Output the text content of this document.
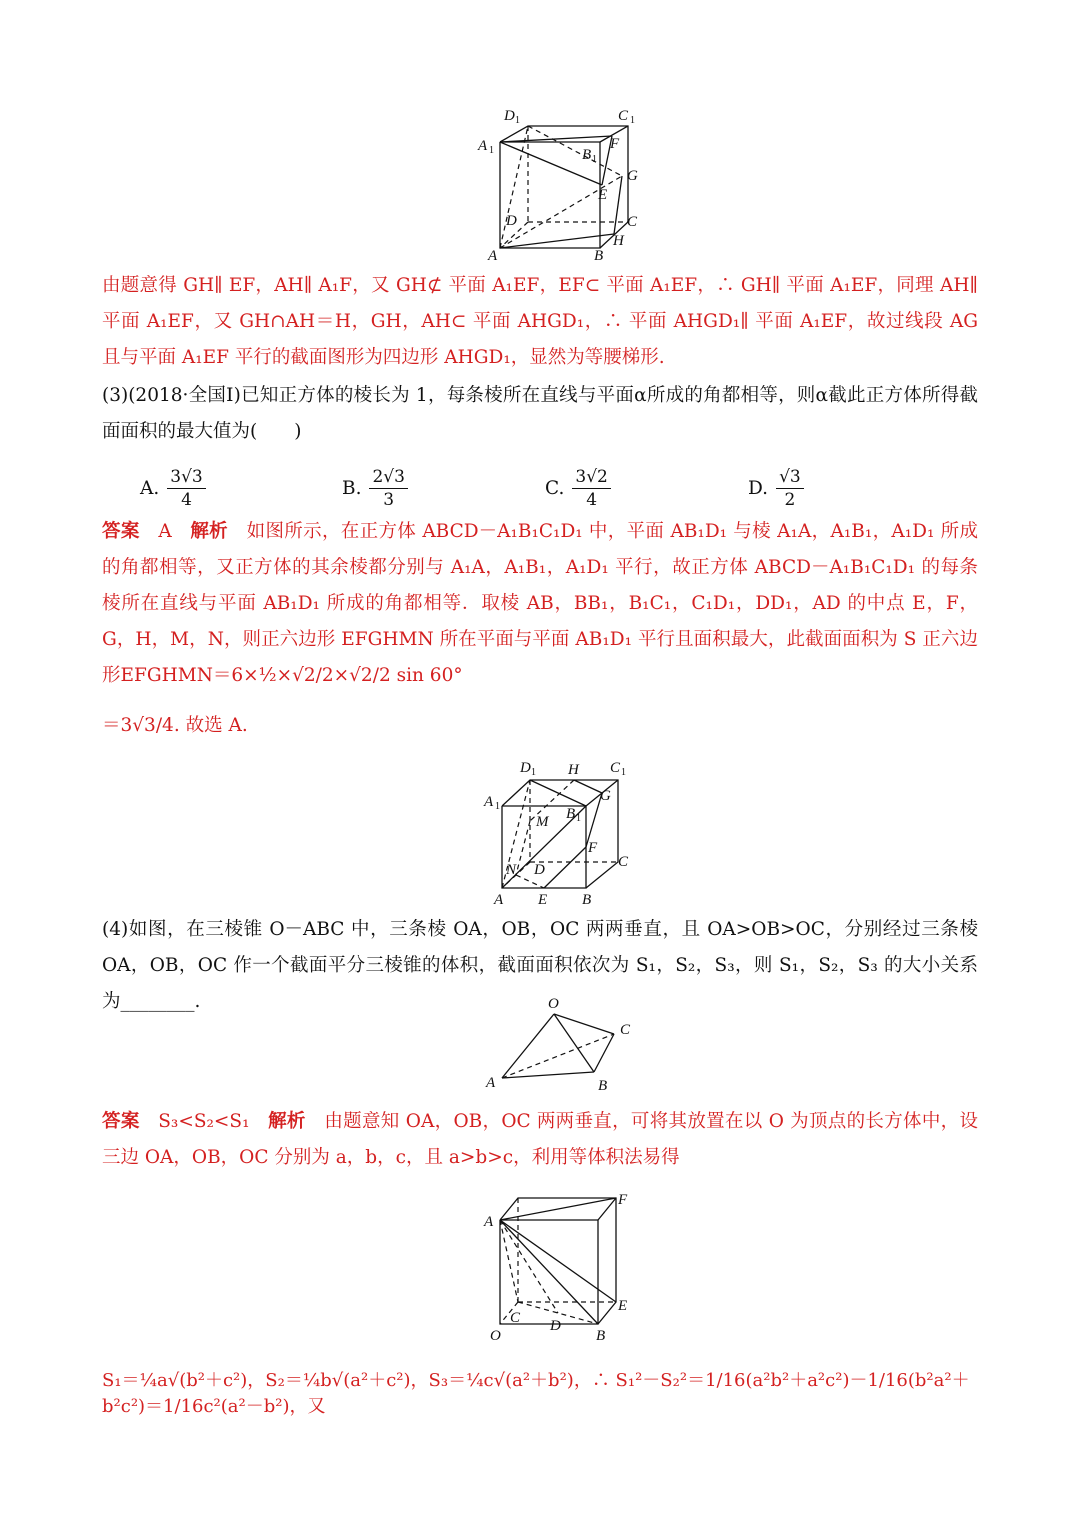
D 1	C 1
A 1	B 1
F
G
E
D	C
H
A	B

由题意得 GH∥ EF，AH∥ A₁F，又 GH⊄ 平面 A₁EF，EF⊂ 平面 A₁EF，∴ GH∥ 平面 A₁EF，同理 AH∥ 平面 A₁EF，又 GH∩AH＝H，GH，AH⊂ 平面 AHGD₁，∴ 平面 AHGD₁∥ 平面 A₁EF，故过线段 AG 且与平面 A₁EF 平行的截面图形为四边形 AHGD₁，显然为等腰梯形.

(3)(2018·全国Ⅰ)已知正方体的棱长为 1，每条棱所在直线与平面α所成的角都相等，则α截此正方体所得截面面积的最大值为(　　)

A. $\frac{3√3}{4}$	B. $\frac{2√3}{3}$	C. $\frac{3√2}{4}$	D. $\frac{√3}{2}$

答案 A 解析 如图所示，在正方体 ABCD－A₁B₁C₁D₁ 中，平面 AB₁D₁ 与棱 A₁A，A₁B₁，A₁D₁ 所成的角都相等，又正方体的其余棱都分别与 A₁A，A₁B₁，A₁D₁ 平行，故正方体 ABCD－A₁B₁C₁D₁ 的每条棱所在直线与平面 AB₁D₁ 所成的角都相等．取棱 AB，BB₁，B₁C₁，C₁D₁，DD₁，AD 的中点 E，F，G，H，M，N，则正六边形 EFGHMN 所在平面与平面 AB₁D₁ 平行且面积最大，此截面面积为 S 正六边形EFGHMN＝6×½×√2/2×√2/2 sin 60°

＝3√3/4. 故选 A.

D 1 H C 1
A 1
G
M B 1
F
N D	C
A E B

(4)如图，在三棱锥 O－ABC 中，三条棱 OA，OB，OC 两两垂直，且 OA>OB>OC，分别经过三条棱 OA，OB，OC 作一个截面平分三棱锥的体积，截面面积依次为 S₁，S₂，S₃，则 S₁，S₂，S₃ 的大小关系为________.	O
C
A	B

答案 S₃<S₂<S₁ 解析 由题意知 OA，OB，OC 两两垂直，可将其放置在以 O 为顶点的长方体中，设三边 OA，OB，OC 分别为 a，b，c，且 a>b>c，利用等体积法易得

F
A
C
E
D
O	B
S₁＝¼a√(b²＋c²)，S₂＝¼b√(a²＋c²)，S₃＝¼c√(a²＋b²)，∴ S₁²－S₂²＝1/16(a²b²＋a²c²)－1/16(b²a²＋b²c²)＝1/16c²(a²－b²)，又
